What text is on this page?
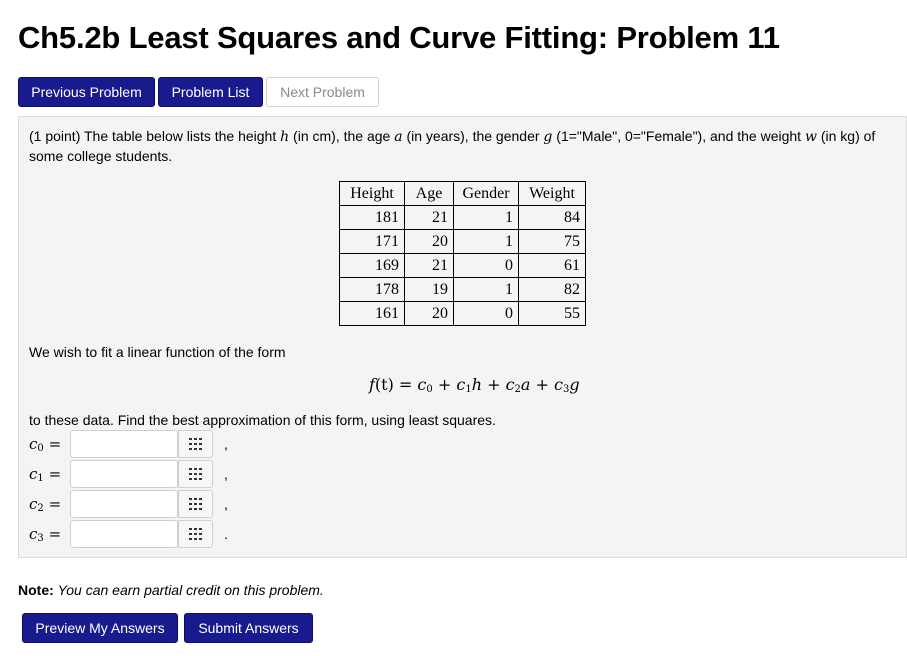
Ch5.2b Least Squares and Curve Fitting: Problem 11
Previous Problem	Problem List	Next Problem
(1 point) The table below lists the height h (in cm), the age a (in years), the gender g (1="Male", 0="Female"), and the weight w (in kg) of
some college students.
Height	Age	Gender	Weight
181	21	1	84
171	20	1	75
169	21	0	61
178	19	1	82
161	20	0	55
We wish to fit a linear function of the form
$f(t) = c_0 + c_1h + c_2a + c_3g$
to these data. Find the best approximation of this form, using least squares.
$c_0$ =	,
$c_1$ =	,
$c_2$ =	,
$c_3$ =	.
Note: You can earn partial credit on this problem.
Preview My Answers	Submit Answers
